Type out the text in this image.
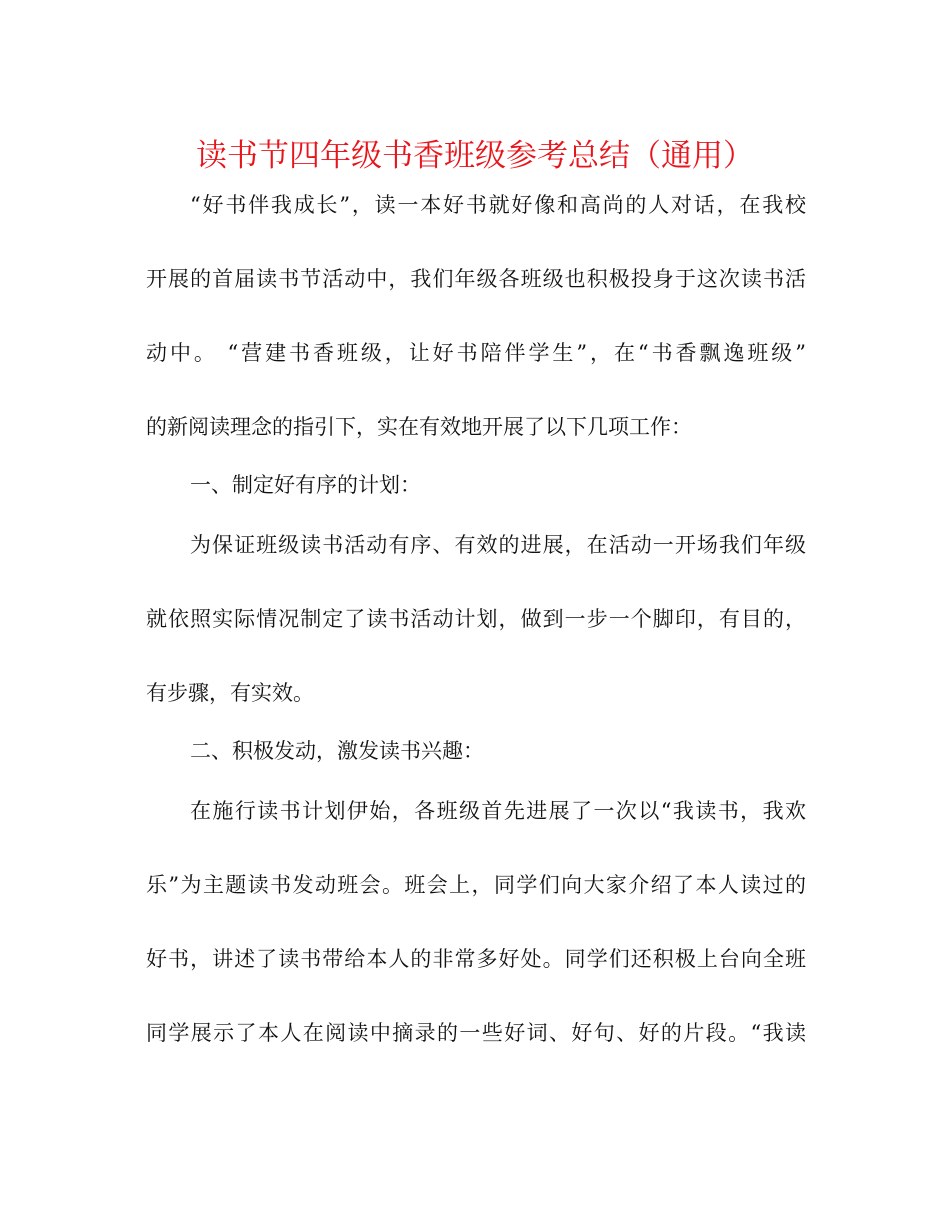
读书节四年级书香班级参考总结（通用）
“好书伴我成长”，读一本好书就好像和高尚的人对话，在我校
开展的首届读书节活动中，我们年级各班级也积极投身于这次读书活
动中。 “营建书香班级，让好书陪伴学生”，在“书香飘逸班级”
的新阅读理念的指引下，实在有效地开展了以下几项工作：
一、制定好有序的计划：
为保证班级读书活动有序、有效的进展，在活动一开场我们年级
就依照实际情况制定了读书活动计划，做到一步一个脚印，有目的，
有步骤，有实效。
二、积极发动，激发读书兴趣：
在施行读书计划伊始，各班级首先进展了一次以“我读书，我欢
乐”为主题读书发动班会。班会上，同学们向大家介绍了本人读过的
好书，讲述了读书带给本人的非常多好处。同学们还积极上台向全班
同学展示了本人在阅读中摘录的一些好词、好句、好的片段。“我读
